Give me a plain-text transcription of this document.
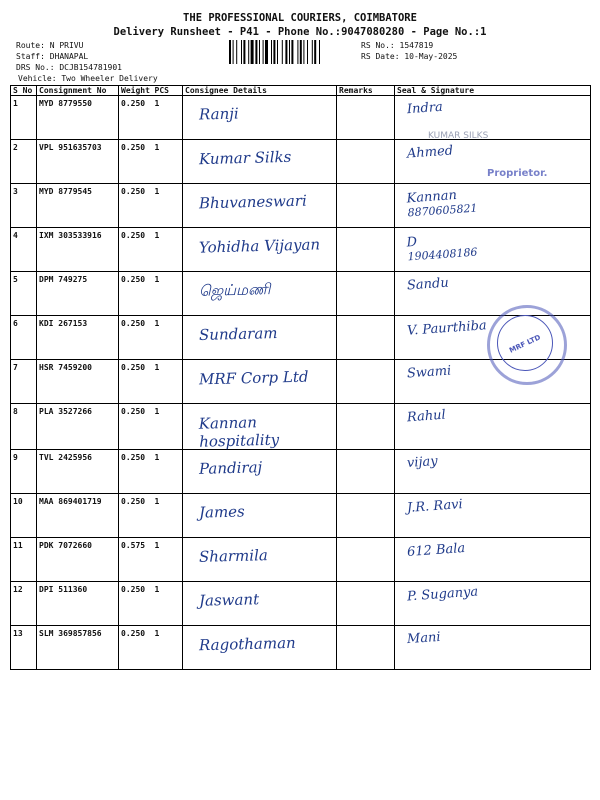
THE PROFESSIONAL COURIERS, COIMBATORE
Delivery Runsheet - P41 - Phone No.:9047080280 - Page No.:1
Route: N PRIVU
Staff: DHANAPAL
DRS No.: DCJB154781901
RS No.: 1547819
RS Date: 10-May-2025
Vehicle: Two Wheeler Delivery
S No	Consignment No	Weight	PCS	Consignee Details	Remarks	Seal & Signature
1	MYD 8779550	0.250	1	Ranji		Indra
2	VPL 951635703	0.250	1	Kumar Silks		Ahmed
3	MYD 8779545	0.250	1	Bhuvaneswari		Kannan
8870605821

4	IXM 303533916	0.250	1	Yohidha Vijayan		D
1904408186

5	DPM 749275	0.250	1	ஜெய்மணி		Sandu
6	KDI 267153	0.250	1	Sundaram		V. Paurthiba
7	HSR 7459200	0.250	1	MRF Corp Ltd		Swami
8	PLA 3527266	0.250	1	Kannan hospitality		Rahul
9	TVL 2425956	0.250	1	Pandiraj		vijay
10	MAA 869401719	0.250	1	James		J.R. Ravi
11	PDK 7072660	0.575	1	Sharmila		612 Bala
12	DPI 511360	0.250	1	Jaswant		P. Suganya
13	SLM 369857856	0.250	1	Ragothaman		Mani
MRF LTD
KUMAR SILKS
Proprietor.
